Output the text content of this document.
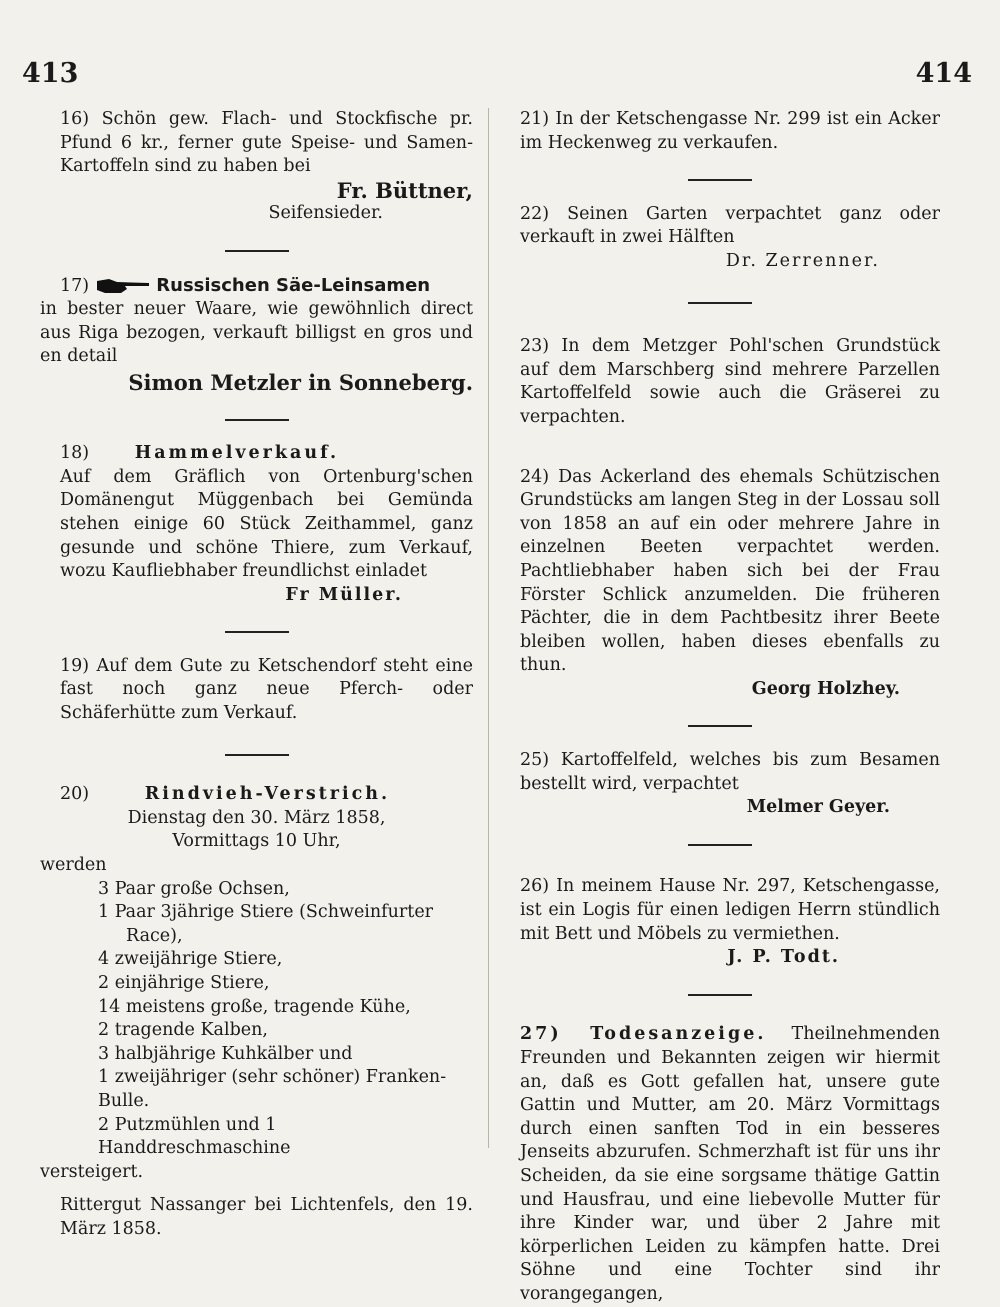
413	414

16) Schön gew. Flach- und Stockfische pr. Pfund 6 kr., ferner gute Speise- und Samen-Kartoffeln sind zu haben bei

Fr. Büttner,

Seifensieder.

17)	Russischen Säe-Leinsamen

in bester neuer Waare, wie gewöhnlich direct aus Riga bezogen, verkauft billigst en gros und en detail

Simon Metzler in Sonneberg.

18)	Hammelverkauf.

Auf dem Gräflich von Ortenburg'schen Domänengut Müggenbach bei Gemünda stehen einige 60 Stück Zeithammel, ganz gesunde und schöne Thiere, zum Verkauf, wozu Kaufliebhaber freundlichst einladet

Fr Müller.

19) Auf dem Gute zu Ketschendorf steht eine fast noch ganz neue Pferch- oder Schäferhütte zum Verkauf.

20)	Rindvieh-Verstrich.

Dienstag den 30. März 1858,

Vormittags 10 Uhr,

werden

3 Paar große Ochsen,
1 Paar 3jährige Stiere (Schweinfurter
Race),
4 zweijährige Stiere,
2 einjährige Stiere,
14 meistens große, tragende Kühe,
2 tragende Kalben,
3 halbjährige Kuhkälber und
1 zweijähriger (sehr schöner) Franken-Bulle.
2 Putzmühlen und 1 Handdreschmaschine

versteigert.

Rittergut Nassanger bei Lichtenfels, den 19. März 1858.

21) In der Ketschengasse Nr. 299 ist ein Acker im Heckenweg zu verkaufen.

22) Seinen Garten verpachtet ganz oder verkauft in zwei Hälften

Dr. Zerrenner.

23) In dem Metzger Pohl'schen Grundstück auf dem Marschberg sind mehrere Parzellen Kartoffelfeld sowie auch die Gräserei zu verpachten.

24) Das Ackerland des ehemals Schützischen Grundstücks am langen Steg in der Lossau soll von 1858 an auf ein oder mehrere Jahre in einzelnen Beeten verpachtet werden. Pachtliebhaber haben sich bei der Frau Förster Schlick anzumelden. Die früheren Pächter, die in dem Pachtbesitz ihrer Beete bleiben wollen, haben dieses ebenfalls zu thun.

Georg Holzhey.

25) Kartoffelfeld, welches bis zum Besamen bestellt wird, verpachtet

Melmer Geyer.

26) In meinem Hause Nr. 297, Ketschengasse, ist ein Logis für einen ledigen Herrn stündlich mit Bett und Möbels zu vermiethen.

J. P. Todt.

27) Todesanzeige. Theilnehmenden Freunden und Bekannten zeigen wir hiermit an, daß es Gott gefallen hat, unsere gute Gattin und Mutter, am 20. März Vormittags durch einen sanften Tod in ein besseres Jenseits abzurufen. Schmerzhaft ist für uns ihr Scheiden, da sie eine sorgsame thätige Gattin und Hausfrau, und eine liebevolle Mutter für ihre Kinder war, und über 2 Jahre mit körperlichen Leiden zu kämpfen hatte. Drei Söhne und eine Tochter sind ihr vorangegangen,
